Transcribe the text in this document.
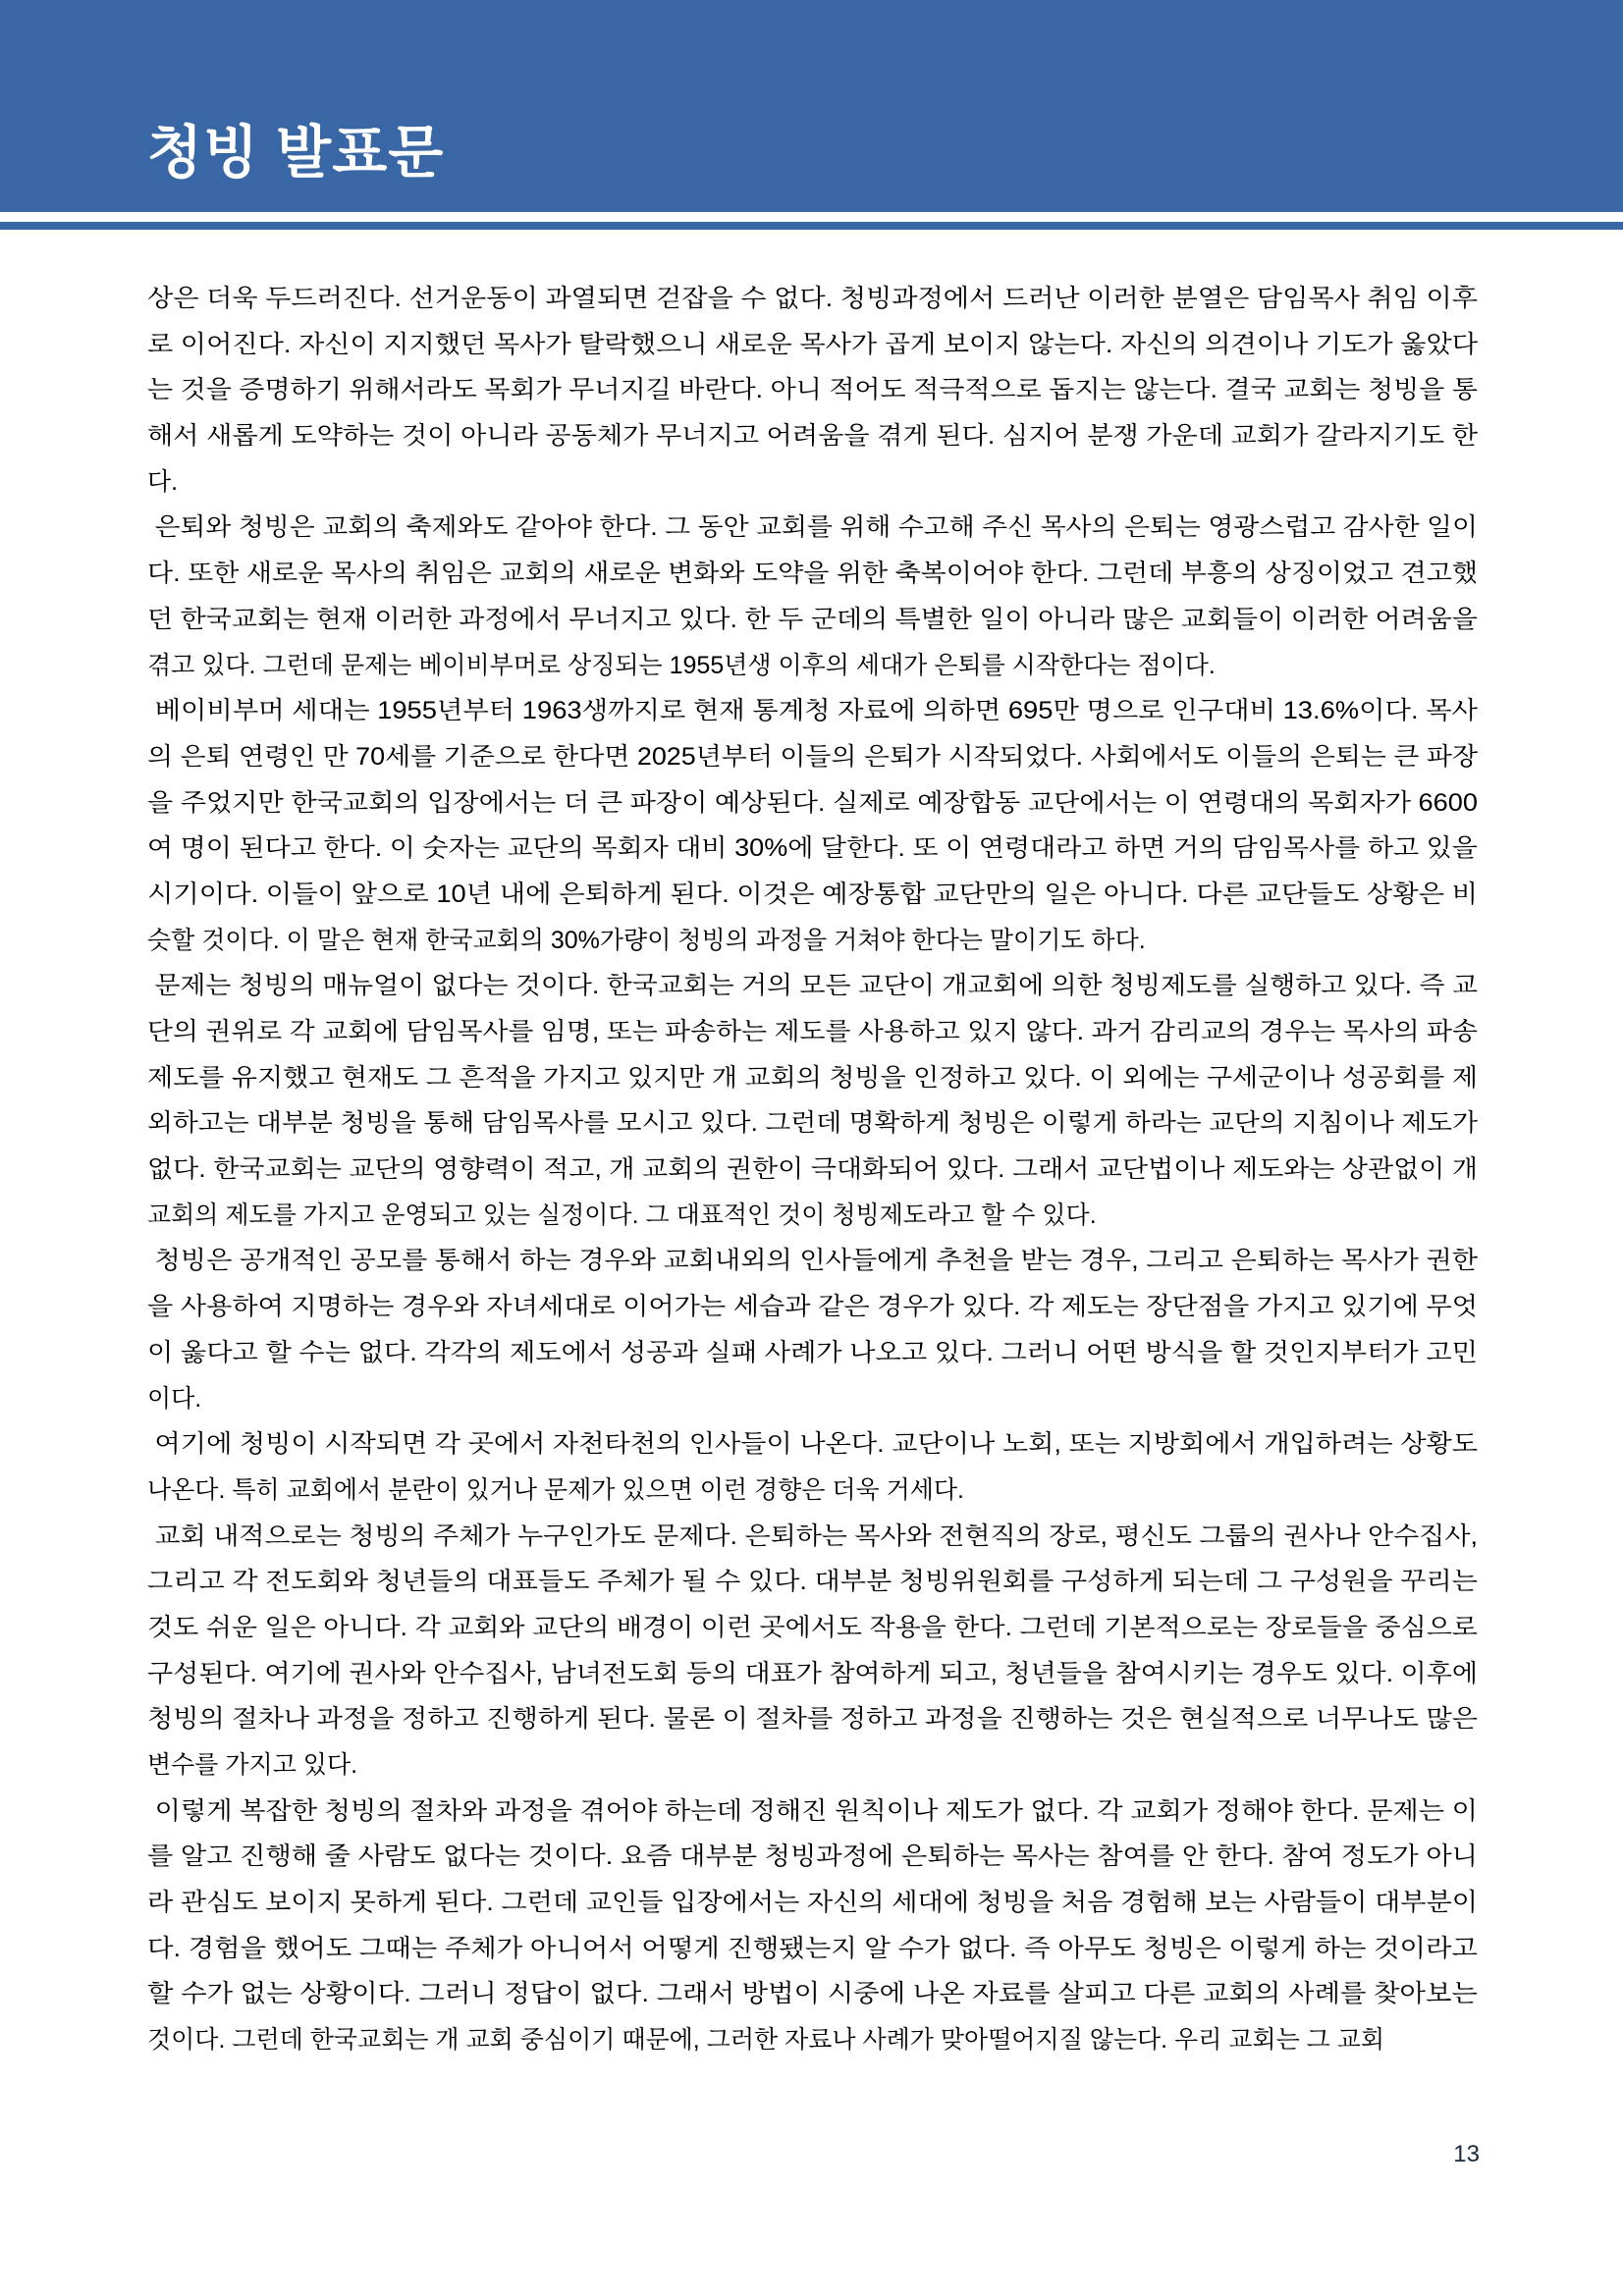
청빙 발표문
상은 더욱 두드러진다. 선거운동이 과열되면 걷잡을 수 없다. 청빙과정에서 드러난 이러한 분열은 담임목사 취임 이후
로 이어진다. 자신이 지지했던 목사가 탈락했으니 새로운 목사가 곱게 보이지 않는다. 자신의 의견이나 기도가 옳았다
는 것을 증명하기 위해서라도 목회가 무너지길 바란다. 아니 적어도 적극적으로 돕지는 않는다. 결국 교회는 청빙을 통
해서 새롭게 도약하는 것이 아니라 공동체가 무너지고 어려움을 겪게 된다. 심지어 분쟁 가운데 교회가 갈라지기도 한
다.
은퇴와 청빙은 교회의 축제와도 같아야 한다. 그 동안 교회를 위해 수고해 주신 목사의 은퇴는 영광스럽고 감사한 일이
다. 또한 새로운 목사의 취임은 교회의 새로운 변화와 도약을 위한 축복이어야 한다. 그런데 부흥의 상징이었고 견고했
던 한국교회는 현재 이러한 과정에서 무너지고 있다. 한 두 군데의 특별한 일이 아니라 많은 교회들이 이러한 어려움을
겪고 있다. 그런데 문제는 베이비부머로 상징되는 1955년생 이후의 세대가 은퇴를 시작한다는 점이다.
베이비부머 세대는 1955년부터 1963생까지로 현재 통계청 자료에 의하면 695만 명으로 인구대비 13.6%이다. 목사
의 은퇴 연령인 만 70세를 기준으로 한다면 2025년부터 이들의 은퇴가 시작되었다. 사회에서도 이들의 은퇴는 큰 파장
을 주었지만 한국교회의 입장에서는 더 큰 파장이 예상된다. 실제로 예장합동 교단에서는 이 연령대의 목회자가 6600
여 명이 된다고 한다. 이 숫자는 교단의 목회자 대비 30%에 달한다. 또 이 연령대라고 하면 거의 담임목사를 하고 있을
시기이다. 이들이 앞으로 10년 내에 은퇴하게 된다. 이것은 예장통합 교단만의 일은 아니다. 다른 교단들도 상황은 비
슷할 것이다. 이 말은 현재 한국교회의 30%가량이 청빙의 과정을 거쳐야 한다는 말이기도 하다.
문제는 청빙의 매뉴얼이 없다는 것이다. 한국교회는 거의 모든 교단이 개교회에 의한 청빙제도를 실행하고 있다. 즉 교
단의 권위로 각 교회에 담임목사를 임명, 또는 파송하는 제도를 사용하고 있지 않다. 과거 감리교의 경우는 목사의 파송
제도를 유지했고 현재도 그 흔적을 가지고 있지만 개 교회의 청빙을 인정하고 있다. 이 외에는 구세군이나 성공회를 제
외하고는 대부분 청빙을 통해 담임목사를 모시고 있다. 그런데 명확하게 청빙은 이렇게 하라는 교단의 지침이나 제도가
없다. 한국교회는 교단의 영향력이 적고, 개 교회의 권한이 극대화되어 있다. 그래서 교단법이나 제도와는 상관없이 개
교회의 제도를 가지고 운영되고 있는 실정이다. 그 대표적인 것이 청빙제도라고 할 수 있다.
청빙은 공개적인 공모를 통해서 하는 경우와 교회내외의 인사들에게 추천을 받는 경우, 그리고 은퇴하는 목사가 권한
을 사용하여 지명하는 경우와 자녀세대로 이어가는 세습과 같은 경우가 있다. 각 제도는 장단점을 가지고 있기에 무엇
이 옳다고 할 수는 없다. 각각의 제도에서 성공과 실패 사례가 나오고 있다. 그러니 어떤 방식을 할 것인지부터가 고민
이다.
여기에 청빙이 시작되면 각 곳에서 자천타천의 인사들이 나온다. 교단이나 노회, 또는 지방회에서 개입하려는 상황도
나온다. 특히 교회에서 분란이 있거나 문제가 있으면 이런 경향은 더욱 거세다.
교회 내적으로는 청빙의 주체가 누구인가도 문제다. 은퇴하는 목사와 전현직의 장로, 평신도 그룹의 권사나 안수집사,
그리고 각 전도회와 청년들의 대표들도 주체가 될 수 있다. 대부분 청빙위원회를 구성하게 되는데 그 구성원을 꾸리는
것도 쉬운 일은 아니다. 각 교회와 교단의 배경이 이런 곳에서도 작용을 한다. 그런데 기본적으로는 장로들을 중심으로
구성된다. 여기에 권사와 안수집사, 남녀전도회 등의 대표가 참여하게 되고, 청년들을 참여시키는 경우도 있다. 이후에
청빙의 절차나 과정을 정하고 진행하게 된다. 물론 이 절차를 정하고 과정을 진행하는 것은 현실적으로 너무나도 많은
변수를 가지고 있다.
이렇게 복잡한 청빙의 절차와 과정을 겪어야 하는데 정해진 원칙이나 제도가 없다. 각 교회가 정해야 한다. 문제는 이
를 알고 진행해 줄 사람도 없다는 것이다. 요즘 대부분 청빙과정에 은퇴하는 목사는 참여를 안 한다. 참여 정도가 아니
라 관심도 보이지 못하게 된다. 그런데 교인들 입장에서는 자신의 세대에 청빙을 처음 경험해 보는 사람들이 대부분이
다. 경험을 했어도 그때는 주체가 아니어서 어떻게 진행됐는지 알 수가 없다. 즉 아무도 청빙은 이렇게 하는 것이라고
할 수가 없는 상황이다. 그러니 정답이 없다. 그래서 방법이 시중에 나온 자료를 살피고 다른 교회의 사례를 찾아보는
것이다. 그런데 한국교회는 개 교회 중심이기 때문에, 그러한 자료나 사례가 맞아떨어지질 않는다. 우리 교회는 그 교회
13
